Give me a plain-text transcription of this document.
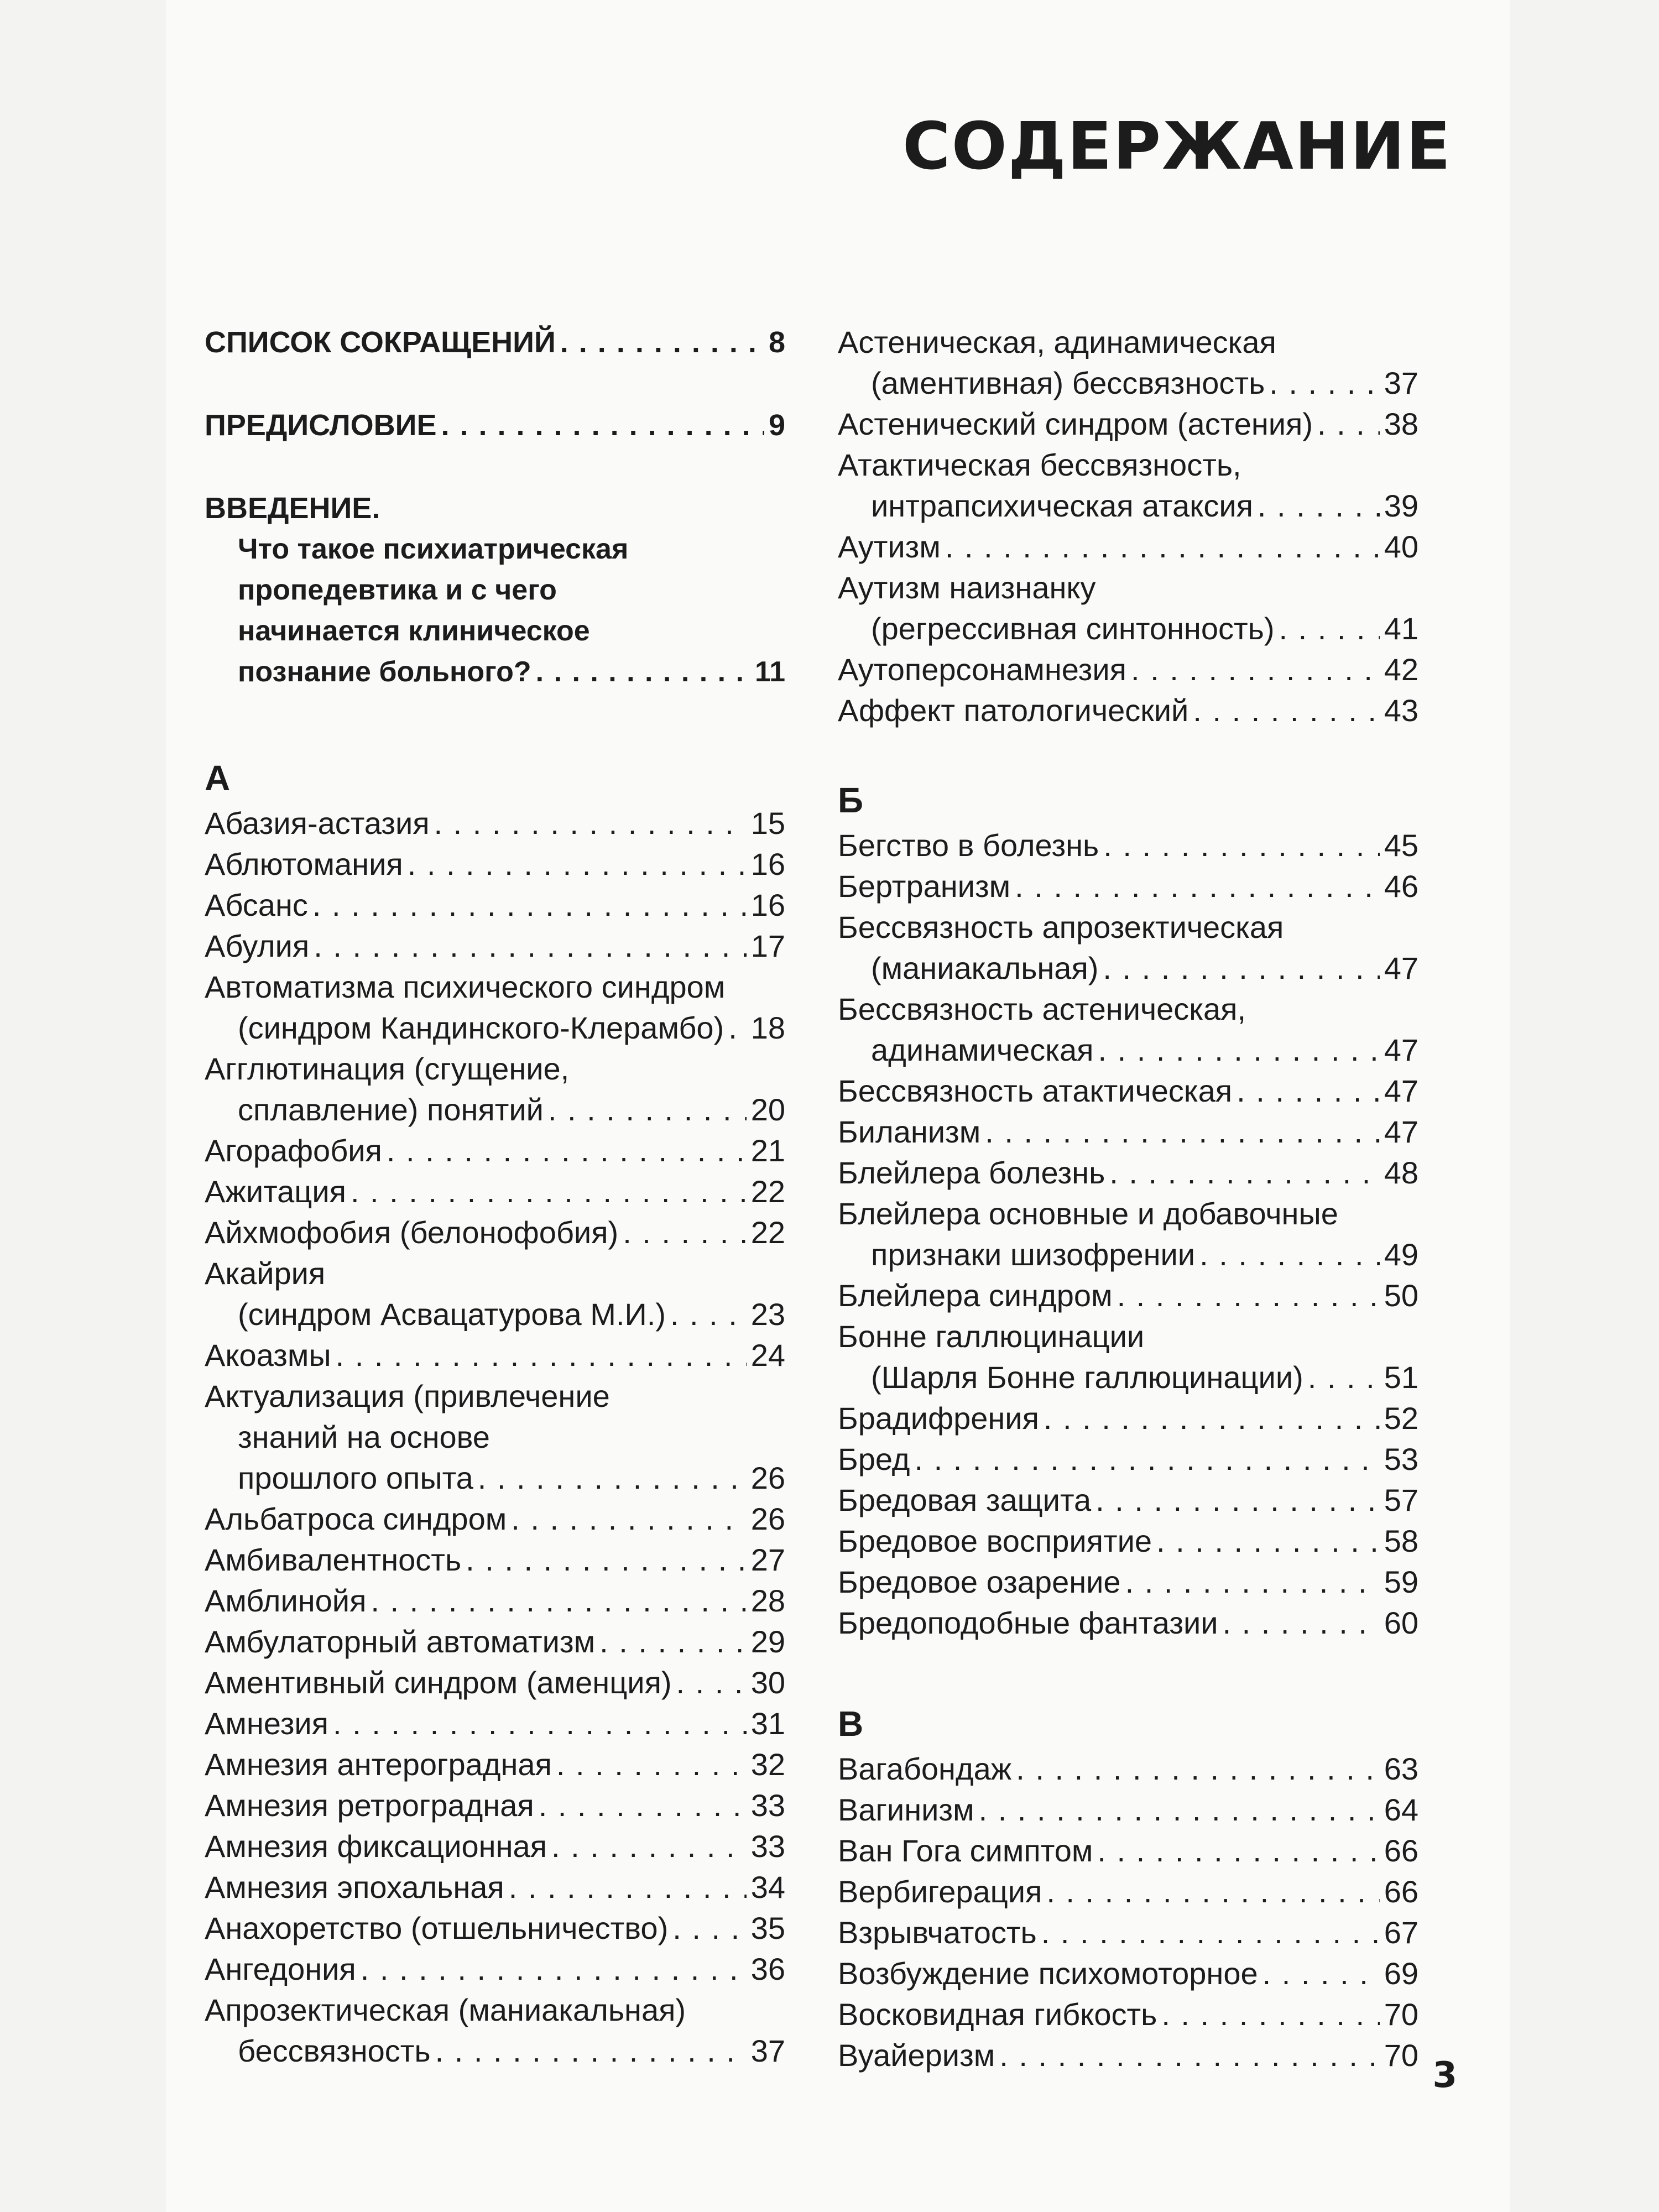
СОДЕРЖАНИЕ
СПИСОК СОКРАЩЕНИЙ . . .	8
ПРЕДИСЛОВИЕ . . .	9
ВВЕДЕНИЕ.
Что такое психиатрическая
пропедевтика и с чего
начинается клиническое
познание больного? . . .	11
А
Абазия-астазия . . .	15
Аблютомания . . .	16
Абсанс . . .	16
Абулия . . .	17
Автоматизма психического синдром
(синдром Кандинского-Клерамбо) . . . 18
Агглютинация (сгущение,
сплавление) понятий . . .	20
Агорафобия . . .	21
Ажитация . . .	22
Айхмофобия (белонофобия) . . .	22
Акайрия
(синдром Асвацатурова М.И.) . . .	23
Акоазмы . . .	24
Актуализация (привлечение
знаний на основе
прошлого опыта . . .	26
Альбатроса синдром . . .	26
Амбивалентность . . .	27
Амблинойя . . .	28
Амбулаторный автоматизм . . .	29
Аментивный синдром (аменция) . . .	30
Амнезия . . .	31
Амнезия антероградная . . .	32
Амнезия ретроградная . . .	33
Амнезия фиксационная . . .	33
Амнезия эпохальная . . .	34
Анахоретство (отшельничество) . . .	35
Ангедония . . .	36
Апрозектическая (маниакальная)
бессвязность . . .	37
Астеническая, адинамическая
(аментивная) бессвязность . . .	37
Астенический синдром (астения) . . . 38
Атактическая бессвязность,
интрапсихическая атаксия . . .	39
Аутизм . . .	40
Аутизм наизнанку
(регрессивная синтонность) . . .	41
Аутоперсонамнезия . . .	42
Аффект патологический . . .	43
Б
Бегство в болезнь . . .	45
Бертранизм . . .	46
Бессвязность апрозектическая
(маниакальная) . . .	47
Бессвязность астеническая,
адинамическая . . .	47
Бессвязность атактическая . . .	47
Биланизм . . .	47
Блейлера болезнь . . .	48
Блейлера основные и добавочные
признаки шизофрении . . .	49
Блейлера синдром . . .	50
Бонне галлюцинации
(Шарля Бонне галлюцинации) . . .	51
Брадифрения . . .	52
Бред . . .	53
Бредовая защита . . .	57
Бредовое восприятие . . .	58
Бредовое озарение . . .	59
Бредоподобные фантазии . . .	60
В
Вагабондаж . . .	63
Вагинизм . . .	64
Ван Гога симптом . . .	66
Вербигерация . . .	66
Взрывчатость . . .	67
Возбуждение психомоторное . . .	69
Восковидная гибкость . . .	70
Вуайеризм . . .	70 3
